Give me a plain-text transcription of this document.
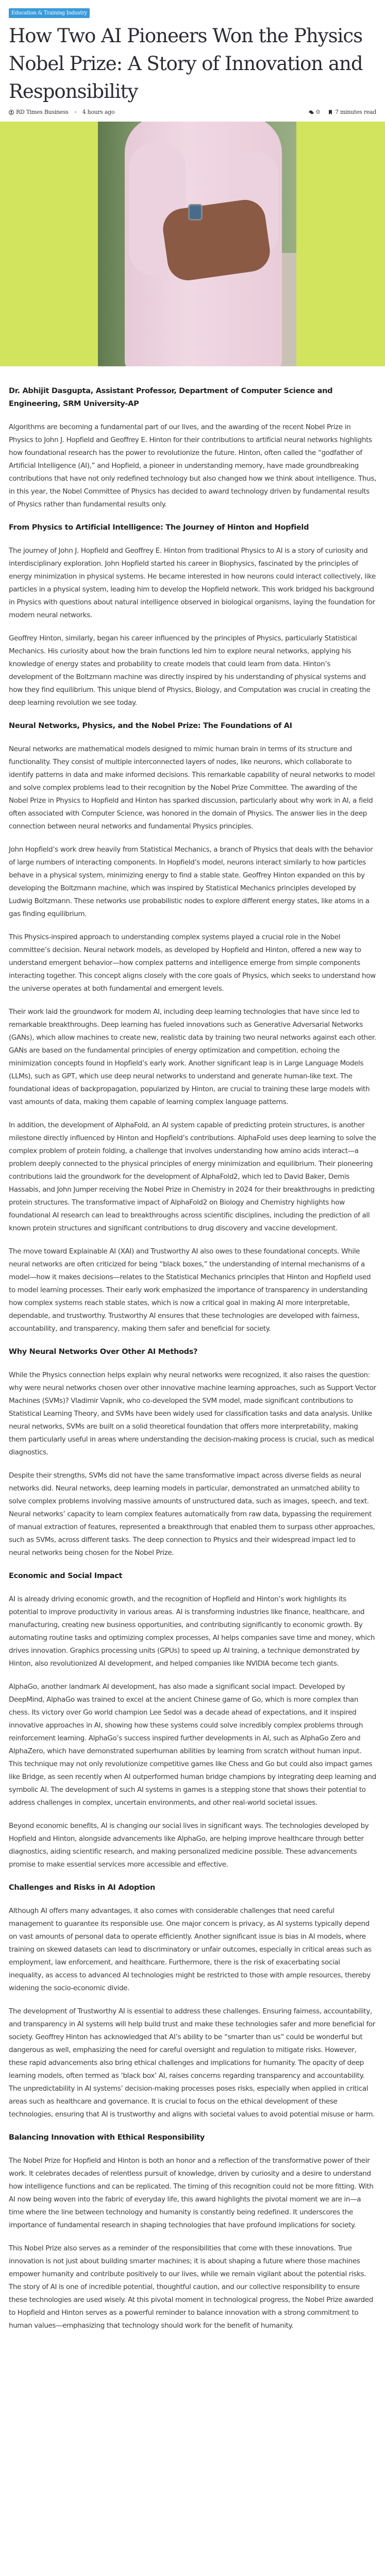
Education & Training Industry
How Two AI Pioneers Won the Physics Nobel Prize: A Story of Innovation and Responsibility
RD Times Business 4 hours ago	0	7 minutes read
Dr. Abhijit Dasgupta, Assistant Professor, Department of Computer Science and Engineering, SRM University-AP

Algorithms are becoming a fundamental part of our lives, and the awarding of the recent Nobel Prize in Physics to John J. Hopfield and Geoffrey E. Hinton for their contributions to artificial neural networks highlights how foundational research has the power to revolutionize the future. Hinton, often called the “godfather of Artificial Intelligence (AI),” and Hopfield, a pioneer in understanding memory, have made groundbreaking contributions that have not only redefined technology but also changed how we think about intelligence. Thus, in this year, the Nobel Committee of Physics has decided to award technology driven by fundamental results of Physics rather than fundamental results only.

From Physics to Artificial Intelligence: The Journey of Hinton and Hopfield

The journey of John J. Hopfield and Geoffrey E. Hinton from traditional Physics to AI is a story of curiosity and interdisciplinary exploration. John Hopfield started his career in Biophysics, fascinated by the principles of energy minimization in physical systems. He became interested in how neurons could interact collectively, like particles in a physical system, leading him to develop the Hopfield network. This work bridged his background in Physics with questions about natural intelligence observed in biological organisms, laying the foundation for modern neural networks.

Geoffrey Hinton, similarly, began his career influenced by the principles of Physics, particularly Statistical Mechanics. His curiosity about how the brain functions led him to explore neural networks, applying his knowledge of energy states and probability to create models that could learn from data. Hinton’s development of the Boltzmann machine was directly inspired by his understanding of physical systems and how they find equilibrium. This unique blend of Physics, Biology, and Computation was crucial in creating the deep learning revolution we see today.

Neural Networks, Physics, and the Nobel Prize: The Foundations of AI

Neural networks are mathematical models designed to mimic human brain in terms of its structure and functionality. They consist of multiple interconnected layers of nodes, like neurons, which collaborate to identify patterns in data and make informed decisions. This remarkable capability of neural networks to model and solve complex problems lead to their recognition by the Nobel Prize Committee. The awarding of the Nobel Prize in Physics to Hopfield and Hinton has sparked discussion, particularly about why work in AI, a field often associated with Computer Science, was honored in the domain of Physics. The answer lies in the deep connection between neural networks and fundamental Physics principles.

John Hopfield’s work drew heavily from Statistical Mechanics, a branch of Physics that deals with the behavior of large numbers of interacting components. In Hopfield’s model, neurons interact similarly to how particles behave in a physical system, minimizing energy to find a stable state. Geoffrey Hinton expanded on this by developing the Boltzmann machine, which was inspired by Statistical Mechanics principles developed by Ludwig Boltzmann. These networks use probabilistic nodes to explore different energy states, like atoms in a gas finding equilibrium.

This Physics-inspired approach to understanding complex systems played a crucial role in the Nobel committee’s decision. Neural network models, as developed by Hopfield and Hinton, offered a new way to understand emergent behavior—how complex patterns and intelligence emerge from simple components interacting together. This concept aligns closely with the core goals of Physics, which seeks to understand how the universe operates at both fundamental and emergent levels.

Their work laid the groundwork for modern AI, including deep learning technologies that have since led to remarkable breakthroughs. Deep learning has fueled innovations such as Generative Adversarial Networks (GANs), which allow machines to create new, realistic data by training two neural networks against each other. GANs are based on the fundamental principles of energy optimization and competition, echoing the minimization concepts found in Hopfield’s early work. Another significant leap is in Large Language Models (LLMs), such as GPT, which use deep neural networks to understand and generate human-like text. The foundational ideas of backpropagation, popularized by Hinton, are crucial to training these large models with vast amounts of data, making them capable of learning complex language patterns.

In addition, the development of AlphaFold, an AI system capable of predicting protein structures, is another milestone directly influenced by Hinton and Hopfield’s contributions. AlphaFold uses deep learning to solve the complex problem of protein folding, a challenge that involves understanding how amino acids interact—a problem deeply connected to the physical principles of energy minimization and equilibrium. Their pioneering contributions laid the groundwork for the development of AlphaFold2, which led to David Baker, Demis Hassabis, and John Jumper receiving the Nobel Prize in Chemistry in 2024 for their breakthroughs in predicting protein structures. The transformative impact of AlphaFold2 on Biology and Chemistry highlights how foundational AI research can lead to breakthroughs across scientific disciplines, including the prediction of all known protein structures and significant contributions to drug discovery and vaccine development.

The move toward Explainable AI (XAI) and Trustworthy AI also owes to these foundational concepts. While neural networks are often criticized for being “black boxes,” the understanding of internal mechanisms of a model—how it makes decisions—relates to the Statistical Mechanics principles that Hinton and Hopfield used to model learning processes. Their early work emphasized the importance of transparency in understanding how complex systems reach stable states, which is now a critical goal in making AI more interpretable, dependable, and trustworthy. Trustworthy AI ensures that these technologies are developed with fairness, accountability, and transparency, making them safer and beneficial for society.

Why Neural Networks Over Other AI Methods?

While the Physics connection helps explain why neural networks were recognized, it also raises the question: why were neural networks chosen over other innovative machine learning approaches, such as Support Vector Machines (SVMs)? Vladimir Vapnik, who co-developed the SVM model, made significant contributions to Statistical Learning Theory, and SVMs have been widely used for classification tasks and data analysis. Unlike neural networks, SVMs are built on a solid theoretical foundation that offers more interpretability, making them particularly useful in areas where understanding the decision-making process is crucial, such as medical diagnostics.

Despite their strengths, SVMs did not have the same transformative impact across diverse fields as neural networks did. Neural networks, deep learning models in particular, demonstrated an unmatched ability to solve complex problems involving massive amounts of unstructured data, such as images, speech, and text. Neural networks’ capacity to learn complex features automatically from raw data, bypassing the requirement of manual extraction of features, represented a breakthrough that enabled them to surpass other approaches, such as SVMs, across different tasks. The deep connection to Physics and their widespread impact led to neural networks being chosen for the Nobel Prize.

Economic and Social Impact

AI is already driving economic growth, and the recognition of Hopfield and Hinton’s work highlights its potential to improve productivity in various areas. AI is transforming industries like finance, healthcare, and manufacturing, creating new business opportunities, and contributing significantly to economic growth. By automating routine tasks and optimizing complex processes, AI helps companies save time and money, which drives innovation. Graphics processing units (GPUs) to speed up AI training, a technique demonstrated by Hinton, also revolutionized AI development, and helped companies like NVIDIA become tech giants.

AlphaGo, another landmark AI development, has also made a significant social impact. Developed by DeepMind, AlphaGo was trained to excel at the ancient Chinese game of Go, which is more complex than chess. Its victory over Go world champion Lee Sedol was a decade ahead of expectations, and it inspired innovative approaches in AI, showing how these systems could solve incredibly complex problems through reinforcement learning. AlphaGo’s success inspired further developments in AI, such as AlphaGo Zero and AlphaZero, which have demonstrated superhuman abilities by learning from scratch without human input. This technique may not only revolutionize competitive games like Chess and Go but could also impact games like Bridge, as seen recently when AI outperformed human bridge champions by integrating deep learning and symbolic AI. The development of such AI systems in games is a stepping stone that shows their potential to address challenges in complex, uncertain environments, and other real-world societal issues.

Beyond economic benefits, AI is changing our social lives in significant ways. The technologies developed by Hopfield and Hinton, alongside advancements like AlphaGo, are helping improve healthcare through better diagnostics, aiding scientific research, and making personalized medicine possible. These advancements promise to make essential services more accessible and effective.

Challenges and Risks in AI Adoption

Although AI offers many advantages, it also comes with considerable challenges that need careful management to guarantee its responsible use. One major concern is privacy, as AI systems typically depend on vast amounts of personal data to operate efficiently. Another significant issue is bias in AI models, where training on skewed datasets can lead to discriminatory or unfair outcomes, especially in critical areas such as employment, law enforcement, and healthcare. Furthermore, there is the risk of exacerbating social inequality, as access to advanced AI technologies might be restricted to those with ample resources, thereby widening the socio-economic divide.

The development of Trustworthy AI is essential to address these challenges. Ensuring fairness, accountability, and transparency in AI systems will help build trust and make these technologies safer and more beneficial for society. Geoffrey Hinton has acknowledged that AI’s ability to be “smarter than us” could be wonderful but dangerous as well, emphasizing the need for careful oversight and regulation to mitigate risks. However, these rapid advancements also bring ethical challenges and implications for humanity. The opacity of deep learning models, often termed as ‘black box’ AI, raises concerns regarding transparency and accountability. The unpredictability in AI systems’ decision-making processes poses risks, especially when applied in critical areas such as healthcare and governance. It is crucial to focus on the ethical development of these technologies, ensuring that AI is trustworthy and aligns with societal values to avoid potential misuse or harm.

Balancing Innovation with Ethical Responsibility

The Nobel Prize for Hopfield and Hinton is both an honor and a reflection of the transformative power of their work. It celebrates decades of relentless pursuit of knowledge, driven by curiosity and a desire to understand how intelligence functions and can be replicated. The timing of this recognition could not be more fitting. With AI now being woven into the fabric of everyday life, this award highlights the pivotal moment we are in—a time where the line between technology and humanity is constantly being redefined. It underscores the importance of fundamental research in shaping technologies that have profound implications for society.

This Nobel Prize also serves as a reminder of the responsibilities that come with these innovations. True innovation is not just about building smarter machines; it is about shaping a future where those machines empower humanity and contribute positively to our lives, while we remain vigilant about the potential risks. The story of AI is one of incredible potential, thoughtful caution, and our collective responsibility to ensure these technologies are used wisely. At this pivotal moment in technological progress, the Nobel Prize awarded to Hopfield and Hinton serves as a powerful reminder to balance innovation with a strong commitment to human values—emphasizing that technology should work for the benefit of humanity.
